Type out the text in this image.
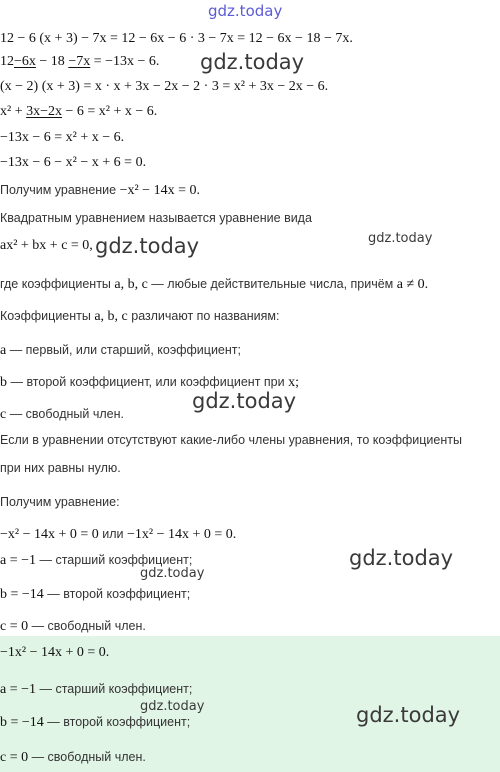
gdz.today
gdz.today
gdz.today	gdz.today
gdz.today
gdz.today
gdz.today
gdz.today	gdz.today
12 − 6 (x + 3) − 7x = 12 − 6x − 6 · 3 − 7x = 12 − 6x − 18 − 7x.
12−6x − 18 −7x = −13x − 6.
(x − 2) (x + 3) = x · x + 3x − 2x − 2 · 3 = x² + 3x − 2x − 6.
x² + 3x−2x − 6 = x² + x − 6.
−13x − 6 = x² + x − 6.
−13x − 6 − x² − x + 6 = 0.
Получим уравнение −x² − 14x = 0.
Квадратным уравнением называется уравнение вида
ax² + bx + c = 0,
где коэффициенты a, b, c — любые действительные числа, причём a ≠ 0.
Коэффициенты a, b, c различают по названиям:
a — первый, или старший, коэффициент;
b — второй коэффициент, или коэффициент при x;
c — свободный член.
Если в уравнении отсутствуют какие-либо члены уравнения, то коэффициенты
при них равны нулю.
Получим уравнение:
−x² − 14x + 0 = 0 или −1x² − 14x + 0 = 0.
a = −1 — старший коэффициент;
b = −14 — второй коэффициент;
c = 0 — свободный член.
−1x² − 14x + 0 = 0.
a = −1 — старший коэффициент;
b = −14 — второй коэффициент;
c = 0 — свободный член.
